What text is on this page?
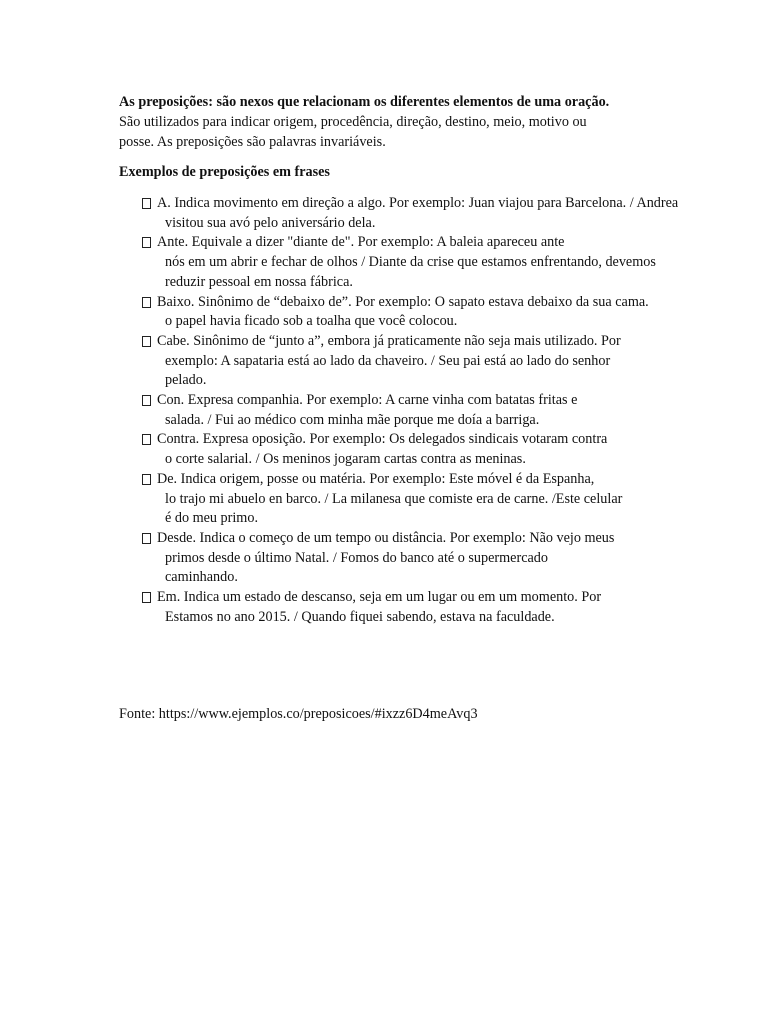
As preposições: são nexos que relacionam os diferentes elementos de uma oração.
São utilizados para indicar origem, procedência, direção, destino, meio, motivo ou
posse. As preposições são palavras invariáveis.

Exemplos de preposições em frases
A. Indica movimento em direção a algo. Por exemplo: Juan viajou para Barcelona. / Andrea
visitou sua avó pelo aniversário dela.
Ante. Equivale a dizer "diante de". Por exemplo: A baleia apareceu ante
nós em um abrir e fechar de olhos / Diante da crise que estamos enfrentando, devemos
reduzir pessoal em nossa fábrica.
Baixo. Sinônimo de “debaixo de”. Por exemplo: O sapato estava debaixo da sua cama.
o papel havia ficado sob a toalha que você colocou.
Cabe. Sinônimo de “junto a”, embora já praticamente não seja mais utilizado. Por
exemplo: A sapataria está ao lado da chaveiro. / Seu pai está ao lado do senhor
pelado.
Con. Expresa companhia. Por exemplo: A carne vinha com batatas fritas e
salada. / Fui ao médico com minha mãe porque me doía a barriga.
Contra. Expresa oposição. Por exemplo: Os delegados sindicais votaram contra
o corte salarial. / Os meninos jogaram cartas contra as meninas.
De. Indica origem, posse ou matéria. Por exemplo: Este móvel é da Espanha,
lo trajo mi abuelo en barco. / La milanesa que comiste era de carne. /Este celular
é do meu primo.
Desde. Indica o começo de um tempo ou distância. Por exemplo: Não vejo meus
primos desde o último Natal. / Fomos do banco até o supermercado
caminhando.
Em. Indica um estado de descanso, seja em um lugar ou em um momento. Por
Estamos no ano 2015. / Quando fiquei sabendo, estava na faculdade.

Fonte: https://www.ejemplos.co/preposicoes/#ixzz6D4meAvq3
